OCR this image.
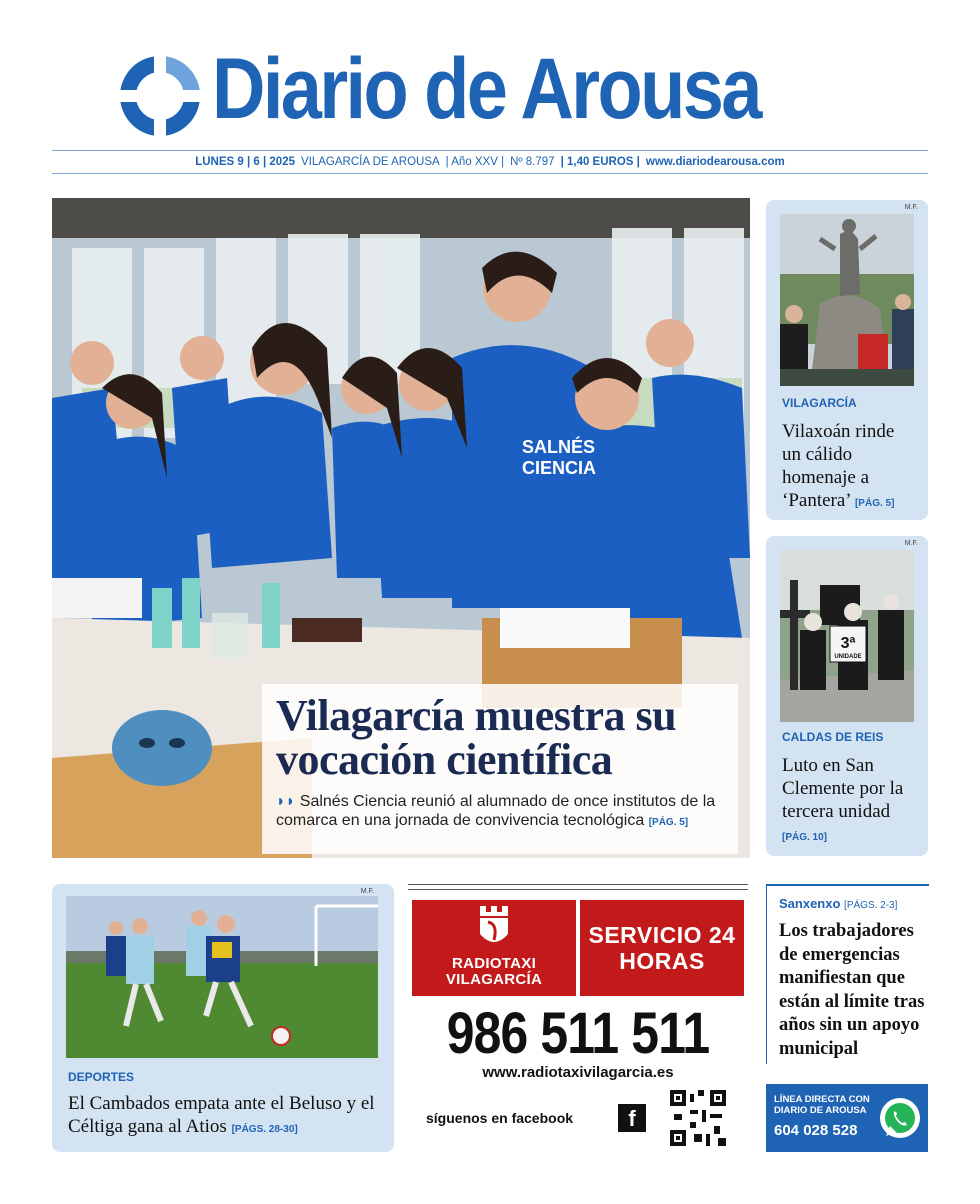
Diario de Arousa
LUNES 9 | 6 | 2025 VILAGARCÍA DE AROUSA | Año XXV | Nº 8.797 | 1,40 EUROS | www.diariodearousa.com
SALNÉS
CIENCIA
Vilagarcía muestra su vocación científica
◗◗ Salnés Ciencia reunió al alumnado de once institutos de la comarca en una jornada de convivencia tecnológica [PÁG. 5]
M.F.
VILAGARCÍA
Vilaxoán rinde un cálido homenaje a ‘Pantera’ [PÁG. 5]
M.F.
3ª
UNIDADE
CALDAS DE REIS
Luto en San Clemente por la tercera unidad [PÁG. 10]
M.F.
DEPORTES
El Cambados empata ante el Beluso y el Céltiga gana al Atios [PÁGS. 28-30]
RADIOTAXI VILAGARCÍA
SERVICIO 24 HORAS
986 511 511
www.radiotaxivilagarcia.es
síguenos en facebook	f
Sanxenxo [PÁGS. 2-3]
Los trabajadores de emergencias manifiestan que están al límite tras años sin un apoyo municipal
LÍNEA DIRECTA CON DIARIO DE AROUSA
604 028 528
